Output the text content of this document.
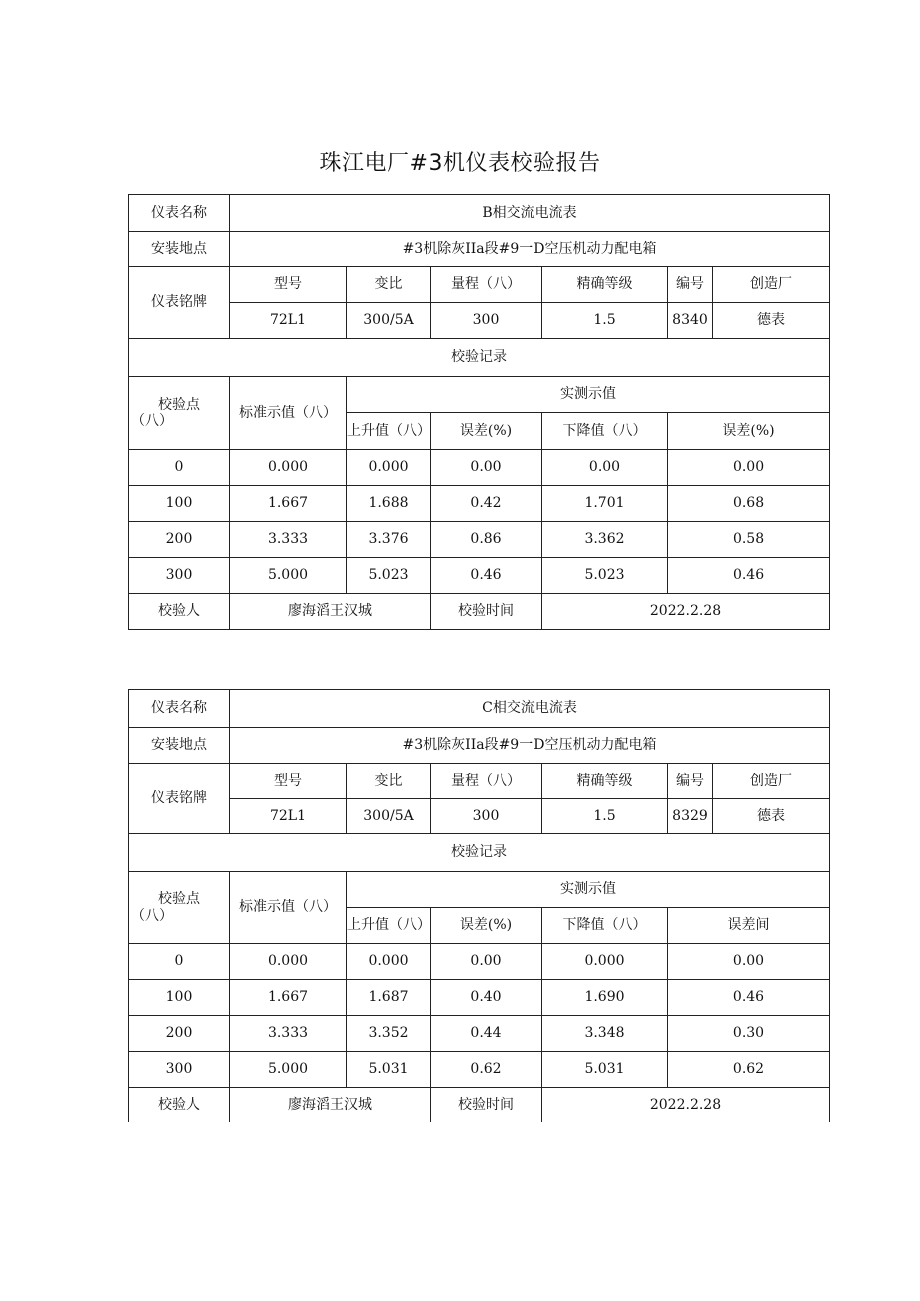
珠江电厂#3机仪表校验报告
仪表名称	B相交流电流表					
安装地点	#3机除灰IIa段#9一D空压机动力配电箱					
仪表铭牌	型号	变比	量程（八）	精确等级	编号	创造厂
	72L1	300/5A	300	1.5	8340	德表
校验记录						

校验点
（八）	标准示值（八）	实测示值				
		上升值（八）	误差(%)	下降值（八）	误差(%)	
0	0.000	0.000	0.00	0.00	0.00	
100	1.667	1.688	0.42	1.701	0.68	
200	3.333	3.376	0.86	3.362	0.58	
300	5.000	5.023	0.46	5.023	0.46	
校验人	廖海滔王汉城		校验时间	2022.2.28		
仪表名称	C相交流电流表					
安装地点	#3机除灰IIa段#9一D空压机动力配电箱					
仪表铭牌	型号	变比	量程（八）	精确等级	编号	创造厂
	72L1	300/5A	300	1.5	8329	德表
校验记录						

校验点
（八）	标准示值（八）	实测示值				
		上升值（八）	误差(%)	下降值（八）	误差间	
0	0.000	0.000	0.00	0.000	0.00	
100	1.667	1.687	0.40	1.690	0.46	
200	3.333	3.352	0.44	3.348	0.30	
300	5.000	5.031	0.62	5.031	0.62	
校验人	廖海滔王汉城		校验时间	2022.2.28		
